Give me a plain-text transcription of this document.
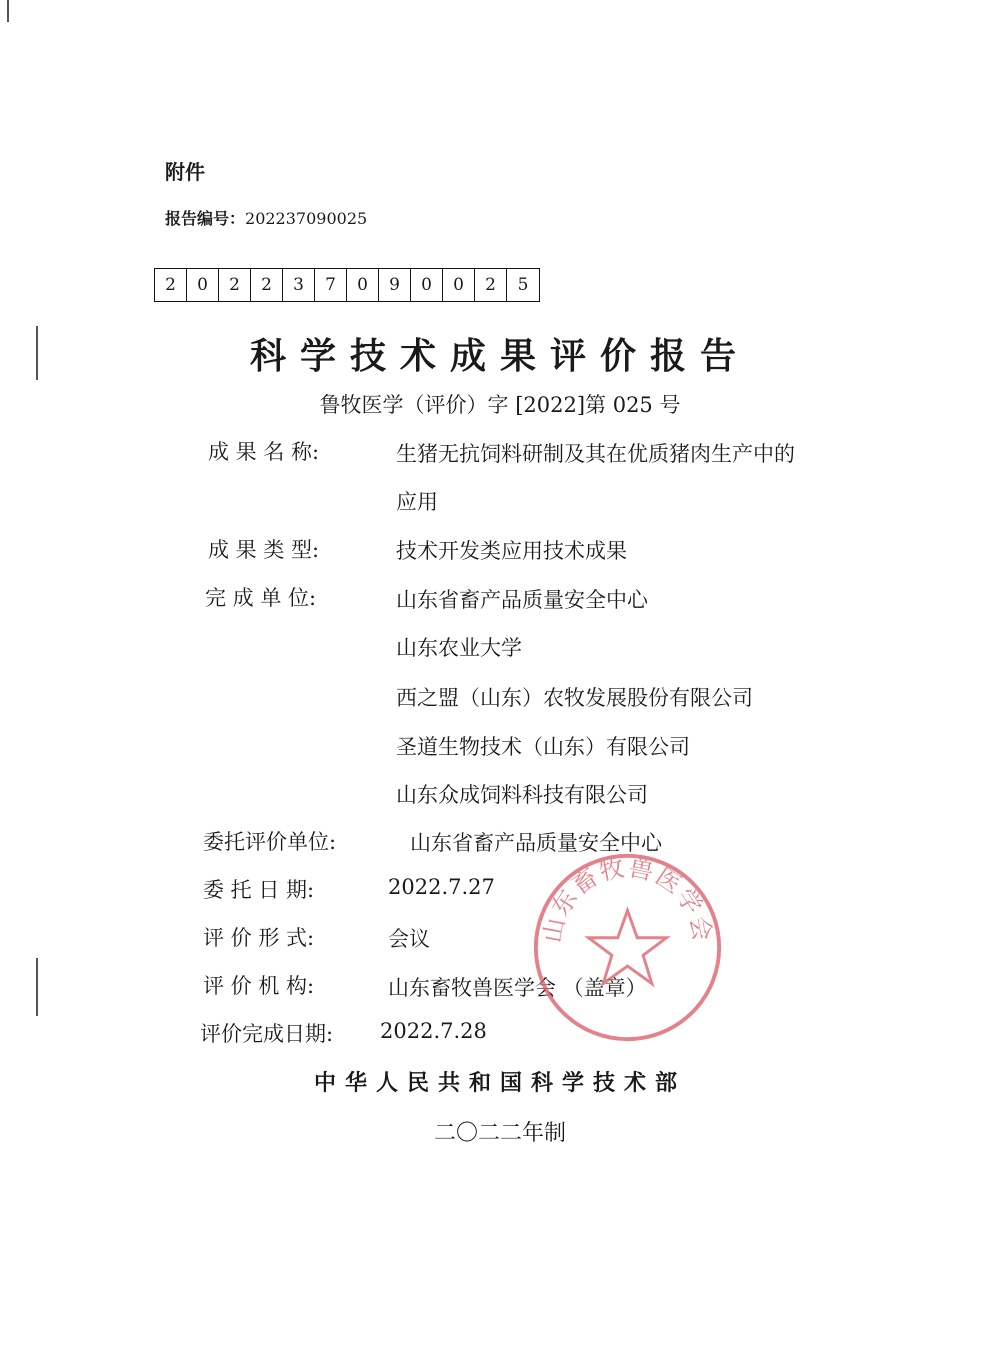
附件
报告编号：202237090025
2	0	2	2	3	7	0	9	0	0	2	5
科学技术成果评价报告
鲁牧医学（评价）字 [2022]第 025 号
成 果 名 称:	生猪无抗饲料研制及其在优质猪肉生产中的
应用
成 果 类 型:	技术开发类应用技术成果
完 成 单 位:	山东省畜产品质量安全中心
山东农业大学
西之盟（山东）农牧发展股份有限公司
圣道生物技术（山东）有限公司
山东众成饲料科技有限公司
委托评价单位:	山东省畜产品质量安全中心
委 托 日 期:	2022.7.27
评 价 形 式:	会议
评 价 机 构:	山东畜牧兽医学会 （盖章）
评价完成日期: 2022.7.28
山东畜牧兽医学会
中华人民共和国科学技术部
二〇二二年制
